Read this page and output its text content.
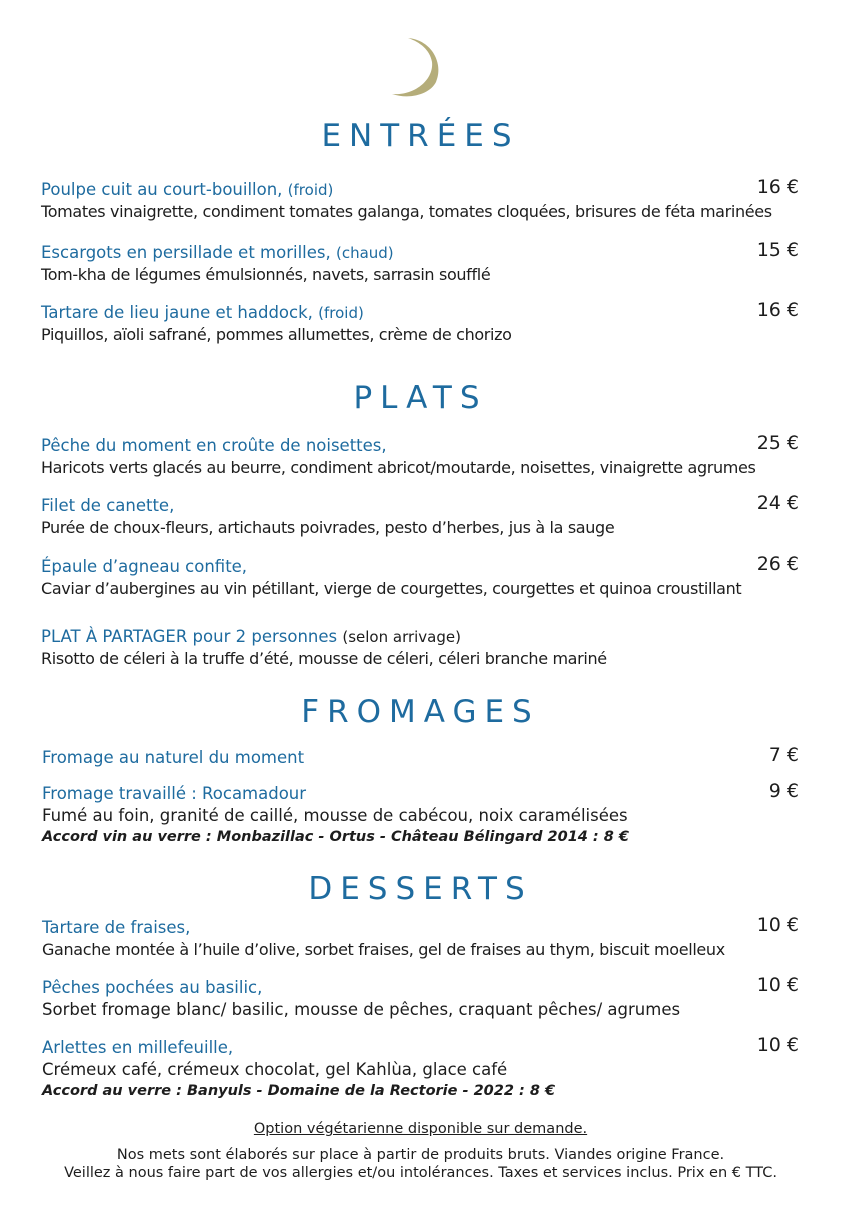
ENTRÉES
Poulpe cuit au court-bouillon, (froid)	16 €
Tomates vinaigrette, condiment tomates galanga, tomates cloquées, brisures de féta marinées
Escargots en persillade et morilles, (chaud)	15 €
Tom-kha de légumes émulsionnés, navets, sarrasin soufflé
Tartare de lieu jaune et haddock, (froid)	16 €
Piquillos, aïoli safrané, pommes allumettes, crème de chorizo
PLATS
Pêche du moment en croûte de noisettes,	25 €
Haricots verts glacés au beurre, condiment abricot/moutarde, noisettes, vinaigrette agrumes
Filet de canette,	24 €
Purée de choux-fleurs, artichauts poivrades, pesto d’herbes, jus à la sauge
Épaule d’agneau confite,	26 €
Caviar d’aubergines au vin pétillant, vierge de courgettes, courgettes et quinoa croustillant
PLAT À PARTAGER pour 2 personnes (selon arrivage)
Risotto de céleri à la truffe d’été, mousse de céleri, céleri branche mariné
FROMAGES
Fromage au naturel du moment	7 €
Fromage travaillé : Rocamadour	9 €
Fumé au foin, granité de caillé, mousse de cabécou, noix caramélisées
Accord vin au verre : Monbazillac - Ortus - Château Bélingard 2014 : 8 €
DESSERTS
Tartare de fraises,	10 €
Ganache montée à l’huile d’olive, sorbet fraises, gel de fraises au thym, biscuit moelleux
Pêches pochées au basilic,	10 €
Sorbet fromage blanc/ basilic, mousse de pêches, craquant pêches/ agrumes
Arlettes en millefeuille,	10 €
Crémeux café, crémeux chocolat, gel Kahlùa, glace café
Accord au verre : Banyuls - Domaine de la Rectorie - 2022 : 8 €
Option végétarienne disponible sur demande.
Nos mets sont élaborés sur place à partir de produits bruts. Viandes origine France.
Veillez à nous faire part de vos allergies et/ou intolérances. Taxes et services inclus. Prix en € TTC.
